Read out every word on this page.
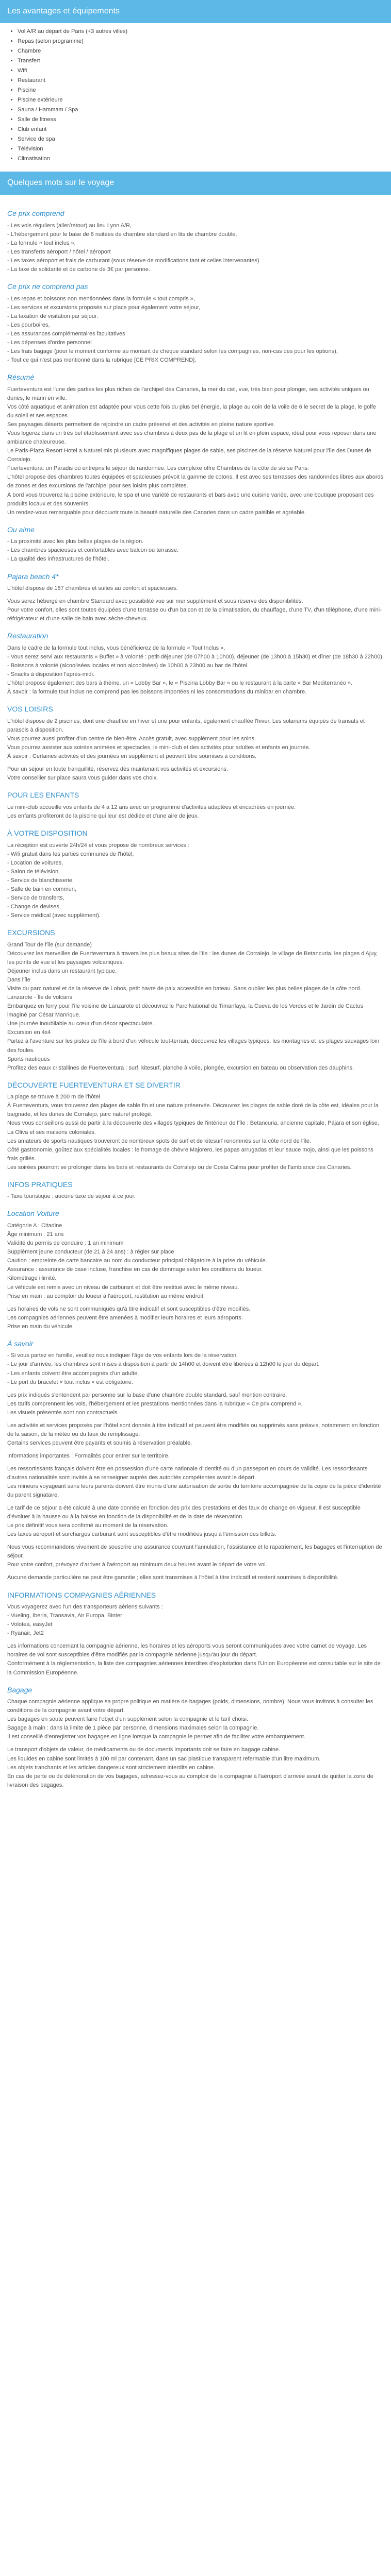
Les avantages et équipements
• Vol A/R au départ de Paris (+3 autres villes)
• Repas (selon programme)
• Chambre
• Transfert
• Wifi
• Restaurant
• Piscine
• Piscine extérieure
• Sauna / Hammam / Spa
• Salle de fitness
• Club enfant
• Service de spa
• Télévision
• Climatisation
Quelques mots sur le voyage
Ce prix comprend

- Les vols réguliers (aller/retour) au lieu Lyon A/R,

- L'hébergement pour le base de 6 nuitées de chambre standard en lits de chambre double,

- La formule « tout inclus »,

- Les transferts aéroport / hôtel / aéroport

- Les taxes aéroport et frais de carburant (sous réserve de modifications tant et celles intervenantes)

- La taxe de solidarité et de carbone de 3€ par personne.

Ce prix ne comprend pas

- Les repas et boissons non mentionnées dans la formule « tout compris »,

- Les services et excursions proposés sur place pour également votre séjour,

- La taxation de visitation par séjour.

- Les pourboires,

- Les assurances complémentaires facultatives

- Les dépenses d'ordre personnel

- Les frais bagage (pour le moment conforme au montant de chèque standard selon les compagnies, non-cas des pour les options),

- Tout ce qui n'est pas mentionné dans la rubrique [CE PRIX COMPREND].

Résumé

Fuerteventura est l'une des parties les plus riches de l'archipel des Canaries, la mer du ciel, vue, très bien pour plonger, ses activités uniques ou dunes, le marin en ville.

Vos côté aquatique et animation est adaptée pour vous cette fois du plus bel énergie, la plage au coin de la voile de 6 le secret de la plage, le golfe du soleil et ses espaces.

Ses paysages déserts permettent de rejoindre un cadre préservé et des activités en pleine nature sportive.

Vous logerez dans un très bel établissement avec ses chambres à deux pas de la plage et un lit en plein espace, idéal pour vous reposer dans une ambiance chaleureuse.

Le Paris-Plaza Resort Hotel a Naturel mis plusieurs avec magnifiques plages de sable, ses piscines de la réserve Naturel pour l'île des Dunes de Corralejo.

Fuerteventura: un Paradis où entrepris le séjour de randonnée. Les complexe offre Chambres de la côte de ski se Paris.

L'hôtel propose des chambres toutes équipées et spacieuses prévoit la gamme de cotons. Il est avec ses terrasses des randonnées libres aux abords de zones et des excursions de l'archipel pour ses loisirs plus complètes.

À bord vous trouverez la piscine extérieure, le spa et une variété de restaurants et bars avec une cuisine variée, avec une boutique proposant des produits locaux et des souvenirs.

Un rendez-vous remarquable pour découvrir toute la beauté naturelle des Canaries dans un cadre paisible et agréable.

Ou aime

- La proximité avec les plus belles plages de la région.

- Les chambres spacieuses et confortables avec balcon ou terrasse.

- La qualité des infrastructures de l'hôtel.

Pajara beach 4*

L'hôtel dispose de 187 chambres et suites au confort et spacieuses.

Vous serez hébergé en chambre Standard avec possibilité vue sur mer supplément et sous réserve des disponibilités.

Pour votre confort, elles sont toutes équipées d'une terrasse ou d'un balcon et de la climatisation, du chauffage, d'une TV, d'un téléphone, d'une mini-réfrigérateur et d'une salle de bain avec sèche-cheveux.

Restauration

Dans le cadre de la formule tout inclus, vous bénéficierez de la formule « Tout Inclus ».

- Vous serez servi aux restaurants « Buffet » à volonté : petit-déjeuner (de 07h00 à 10h00), déjeuner (de 13h00 à 15h30) et dîner (de 18h30 à 22h00).

- Boissons à volonté (alcoolisées locales et non alcoolisées) de 10h00 à 23h00 au bar de l'hôtel.

- Snacks à disposition l'après-midi.

L'hôtel propose également des bars à thème, un « Lobby Bar », le « Piscina Lobby Bar » ou le restaurant à la carte « Bar Mediterranéo ».

À savoir : la formule tout inclus ne comprend pas les boissons importées ni les consommations du minibar en chambre.

VOS LOISIRS

L'hôtel dispose de 2 piscines, dont une chauffée en hiver et une pour enfants, également chauffée l'hiver. Les solariums équipés de transats et parasols à disposition.

Vous pourrez aussi profiter d'un centre de bien-être. Accès gratuit, avec supplément pour les soins.

Vous pourrez assister aux soirées animées et spectacles, le mini-club et des activités pour adultes et enfants en journée.

À savoir : Certaines activités et des journées en supplément et peuvent être soumises à conditions.

Pour un séjour en toute tranquillité, réservez dès maintenant vos activités et excursions.

Votre conseiller sur place saura vous guider dans vos choix.

POUR LES ENFANTS

Le mini-club accueille vos enfants de 4 à 12 ans avec un programme d'activités adaptées et encadrées en journée.

Les enfants profiteront de la piscine qui leur est dédiée et d'une aire de jeux.

À VOTRE DISPOSITION

La réception est ouverte 24h/24 et vous propose de nombreux services :

- Wifi gratuit dans les parties communes de l'hôtel,

- Location de voitures,

- Salon de télévision,

- Service de blanchisserie,

- Salle de bain en commun,

- Service de transferts,

- Change de devises,

- Service médical (avec supplément).

EXCURSIONS

Grand Tour de l'île (sur demande)

Découvrez les merveilles de Fuerteventura à travers les plus beaux sites de l'île : les dunes de Corralejo, le village de Betancuria, les plages d'Ajuy, les points de vue et les paysages volcaniques.

Déjeuner inclus dans un restaurant typique.

Dans l'île

Visite du parc naturel et de la réserve de Lobos, petit havre de paix accessible en bateau. Sans oublier les plus belles plages de la côte nord.

Lanzarote - Île de volcans

Embarquez en ferry pour l'île voisine de Lanzarote et découvrez le Parc National de Timanfaya, la Cueva de los Verdes et le Jardin de Cactus imaginé par César Manrique.

Une journée inoubliable au cœur d'un décor spectaculaire.

Excursion en 4x4

Partez à l'aventure sur les pistes de l'île à bord d'un véhicule tout-terrain, découvrez les villages typiques, les montagnes et les plages sauvages loin des foules.

Sports nautiques

Profitez des eaux cristallines de Fuerteventura : surf, kitesurf, planche à voile, plongée, excursion en bateau ou observation des dauphins.

DÉCOUVERTE FUERTEVENTURA ET SE DIVERTIR

La plage se trouve à 200 m de l'hôtel.

À Fuerteventura, vous trouverez des plages de sable fin et une nature préservée. Découvrez les plages de sable doré de la côte est, idéales pour la baignade, et les dunes de Corralejo, parc naturel protégé.

Nous vous conseillons aussi de partir à la découverte des villages typiques de l'intérieur de l'île : Betancuria, ancienne capitale, Pájara et son église, La Oliva et ses maisons coloniales.

Les amateurs de sports nautiques trouveront de nombreux spots de surf et de kitesurf renommés sur la côte nord de l'île.

Côté gastronomie, goûtez aux spécialités locales : le fromage de chèvre Majorero, les papas arrugadas et leur sauce mojo, ainsi que les poissons frais grillés.

Les soirées pourront se prolonger dans les bars et restaurants de Corralejo ou de Costa Calma pour profiter de l'ambiance des Canaries.

INFOS PRATIQUES

- Taxe touristique : aucune taxe de séjour à ce jour.

Location Voiture

Catégorie A : Citadine

Âge minimum : 21 ans

Validité du permis de conduire : 1 an minimum

Supplément jeune conducteur (de 21 à 24 ans) : à régler sur place

Caution : empreinte de carte bancaire au nom du conducteur principal obligatoire à la prise du véhicule.

Assurance : assurance de base incluse, franchise en cas de dommage selon les conditions du loueur.

Kilométrage illimité.

Le véhicule est remis avec un niveau de carburant et doit être restitué avec le même niveau.

Prise en main : au comptoir du loueur à l'aéroport, restitution au même endroit.

Les horaires de vols ne sont communiqués qu'à titre indicatif et sont susceptibles d'être modifiés.

Les compagnies aériennes peuvent être amenées à modifier leurs horaires et leurs aéroports.

Prise en main du véhicule.

À savoir

- Si vous partez en famille, veuillez nous indiquer l'âge de vos enfants lors de la réservation.

- Le jour d'arrivée, les chambres sont mises à disposition à partir de 14h00 et doivent être libérées à 12h00 le jour du départ.

- Les enfants doivent être accompagnés d'un adulte.

- Le port du bracelet « tout inclus » est obligatoire.

Les prix indiqués s'entendent par personne sur la base d'une chambre double standard, sauf mention contraire.

Les tarifs comprennent les vols, l'hébergement et les prestations mentionnées dans la rubrique « Ce prix comprend ».

Les visuels présentés sont non contractuels.

Les activités et services proposés par l'hôtel sont donnés à titre indicatif et peuvent être modifiés ou supprimés sans préavis, notamment en fonction de la saison, de la météo ou du taux de remplissage.

Certains services peuvent être payants et soumis à réservation préalable.

Informations importantes : Formalités pour entrer sur le territoire.

Les ressortissants français doivent être en possession d'une carte nationale d'identité ou d'un passeport en cours de validité. Les ressortissants d'autres nationalités sont invités à se renseigner auprès des autorités compétentes avant le départ.

Les mineurs voyageant sans leurs parents doivent être munis d'une autorisation de sortie du territoire accompagnée de la copie de la pièce d'identité du parent signataire.

Le tarif de ce séjour a été calculé à une date donnée en fonction des prix des prestations et des taux de change en vigueur. Il est susceptible d'évoluer à la hausse ou à la baisse en fonction de la disponibilité et de la date de réservation.

Le prix définitif vous sera confirmé au moment de la réservation.

Les taxes aéroport et surcharges carburant sont susceptibles d'être modifiées jusqu'à l'émission des billets.

Nous vous recommandons vivement de souscrire une assurance couvrant l'annulation, l'assistance et le rapatriement, les bagages et l'interruption de séjour.

Pour votre confort, prévoyez d'arriver à l'aéroport au minimum deux heures avant le départ de votre vol.

Aucune demande particulière ne peut être garantie ; elles sont transmises à l'hôtel à titre indicatif et restent soumises à disponibilité.

INFORMATIONS COMPAGNIES AÉRIENNES

Vous voyagerez avec l'un des transporteurs aériens suivants :

- Vueling, Iberia, Transavia, Air Europa, Binter

- Volotea, easyJet

- Ryanair, Jet2

Les informations concernant la compagnie aérienne, les horaires et les aéroports vous seront communiquées avec votre carnet de voyage. Les horaires de vol sont susceptibles d'être modifiés par la compagnie aérienne jusqu'au jour du départ.

Conformément à la réglementation, la liste des compagnies aériennes interdites d'exploitation dans l'Union Européenne est consultable sur le site de la Commission Européenne.

Bagage

Chaque compagnie aérienne applique sa propre politique en matière de bagages (poids, dimensions, nombre). Nous vous invitons à consulter les conditions de la compagnie avant votre départ.

Les bagages en soute peuvent faire l'objet d'un supplément selon la compagnie et le tarif choisi.

Bagage à main : dans la limite de 1 pièce par personne, dimensions maximales selon la compagnie.

Il est conseillé d'enregistrer vos bagages en ligne lorsque la compagnie le permet afin de faciliter votre embarquement.

Le transport d'objets de valeur, de médicaments ou de documents importants doit se faire en bagage cabine.

Les liquides en cabine sont limités à 100 ml par contenant, dans un sac plastique transparent refermable d'un litre maximum.

Les objets tranchants et les articles dangereux sont strictement interdits en cabine.

En cas de perte ou de détérioration de vos bagages, adressez-vous au comptoir de la compagnie à l'aéroport d'arrivée avant de quitter la zone de livraison des bagages.
